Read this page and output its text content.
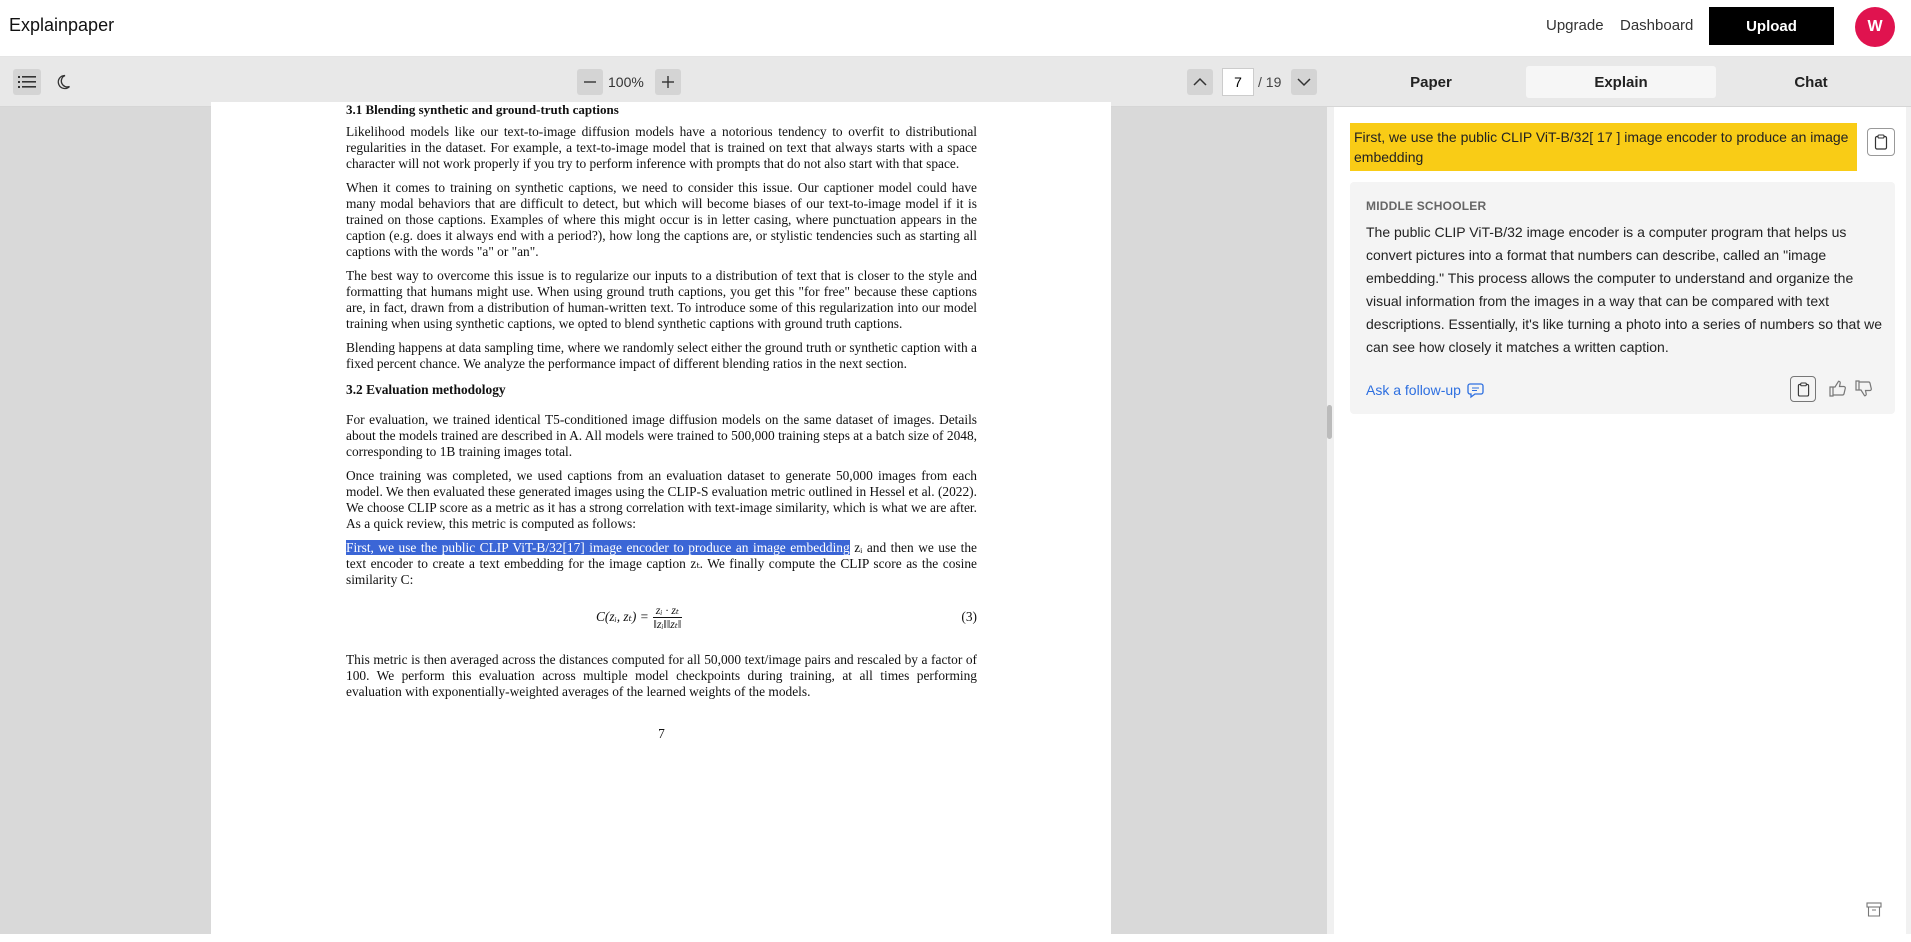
Explainpaper	Upgrade Dashboard	Upload	W
100%
7	/ 19	Paper	Explain	Chat
3.1 Blending synthetic and ground-truth captions

Likelihood models like our text-to-image diffusion models have a notorious tendency to overfit to distributional regularities in the dataset. For example, a text-to-image model that is trained on text that always starts with a space character will not work properly if you try to perform inference with prompts that do not also start with that space.

When it comes to training on synthetic captions, we need to consider this issue. Our captioner model could have many modal behaviors that are difficult to detect, but which will become biases of our text-to-image model if it is trained on those captions. Examples of where this might occur is in letter casing, where punctuation appears in the caption (e.g. does it always end with a period?), how long the captions are, or stylistic tendencies such as starting all captions with the words "a" or "an".

The best way to overcome this issue is to regularize our inputs to a distribution of text that is closer to the style and formatting that humans might use. When using ground truth captions, you get this "for free" because these captions are, in fact, drawn from a distribution of human-written text. To introduce some of this regularization into our model training when using synthetic captions, we opted to blend synthetic captions with ground truth captions.

Blending happens at data sampling time, where we randomly select either the ground truth or synthetic caption with a fixed percent chance. We analyze the performance impact of different blending ratios in the next section.

3.2 Evaluation methodology

For evaluation, we trained identical T5-conditioned image diffusion models on the same dataset of images. Details about the models trained are described in A. All models were trained to 500,000 training steps at a batch size of 2048, corresponding to 1B training images total.

Once training was completed, we used captions from an evaluation dataset to generate 50,000 images from each model. We then evaluated these generated images using the CLIP-S evaluation metric outlined in Hessel et al. (2022). We choose CLIP score as a metric as it has a strong correlation with text-image similarity, which is what we are after. As a quick review, this metric is computed as follows:

First, we use the public CLIP ViT-B/32[17] image encoder to produce an image embedding zᵢ and then we use the text encoder to create a text embedding for the image caption zₜ. We finally compute the CLIP score as the cosine similarity C:

C(zᵢ, $z_t) = \frac{\text{zᵢ · zₜ}}{\text{‖zᵢ‖‖zₜ‖}}$	(3)

This metric is then averaged across the distances computed for all 50,000 text/image pairs and rescaled by a factor of 100. We perform this evaluation across multiple model checkpoints during training, at all times performing evaluation with exponentially-weighted averages of the learned weights of the models.

7
First, we use the public CLIP ViT-B/32[ 17 ] image encoder to produce an image embedding
MIDDLE SCHOOLER
The public CLIP ViT-B/32 image encoder is a computer program that helps us convert pictures into a format that numbers can describe, called an "image embedding." This process allows the computer to understand and organize the visual information from the images in a way that can be compared with text descriptions. Essentially, it's like turning a photo into a series of numbers so that we can see how closely it matches a written caption.
Ask a follow-up
